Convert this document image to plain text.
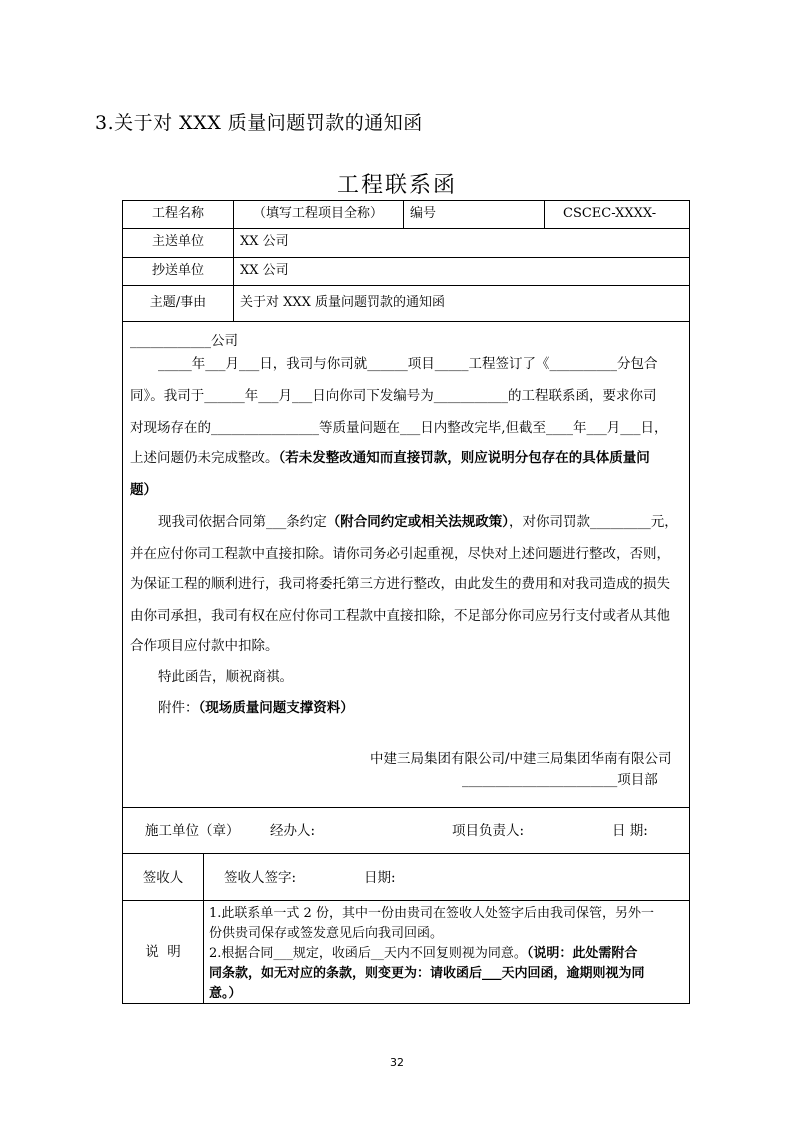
3.关于对 XXX 质量问题罚款的通知函
工程联系函
工程名称	（填写工程项目全称）	编号	CSCEC-XXXX-
主送单位	XX 公司
抄送单位	XX 公司
主题/事由	关于对 XXX 质量问题罚款的通知函
____________公司
_____年___月___日，我司与你司就______项目_____工程签订了《__________分包合
同》。我司于______年___月___日向你司下发编号为___________的工程联系函，要求你司
对现场存在的________________等质量问题在___日内整改完毕,但截至____年___月___日，
上述问题仍未完成整改。（若未发整改通知而直接罚款，则应说明分包存在的具体质量问
题）
现我司依据合同第___条约定（附合同约定或相关法规政策），对你司罚款_________元，
并在应付你司工程款中直接扣除。请你司务必引起重视，尽快对上述问题进行整改，否则，
为保证工程的顺利进行，我司将委托第三方进行整改，由此发生的费用和对我司造成的损失
由你司承担，我司有权在应付你司工程款中直接扣除，不足部分你司应另行支付或者从其他
合作项目应付款中扣除。
特此函告，顺祝商祺。
附件：（现场质量问题支撑资料）
中建三局集团有限公司/中建三局集团华南有限公司
_______________________项目部
施工单位（章） 经办人:	项目负责人:	日 期:
签收人	签收人签字:	日期:
说  明
1.此联系单一式 2 份，其中一份由贵司在签收人处签字后由我司保管，另外一
份供贵司保存或签发意见后向我司回函。
2.根据合同___规定，收函后__天内不回复则视为同意。（说明：此处需附合
同条款，如无对应的条款，则变更为：请收函后___天内回函，逾期则视为同
意。）
32
